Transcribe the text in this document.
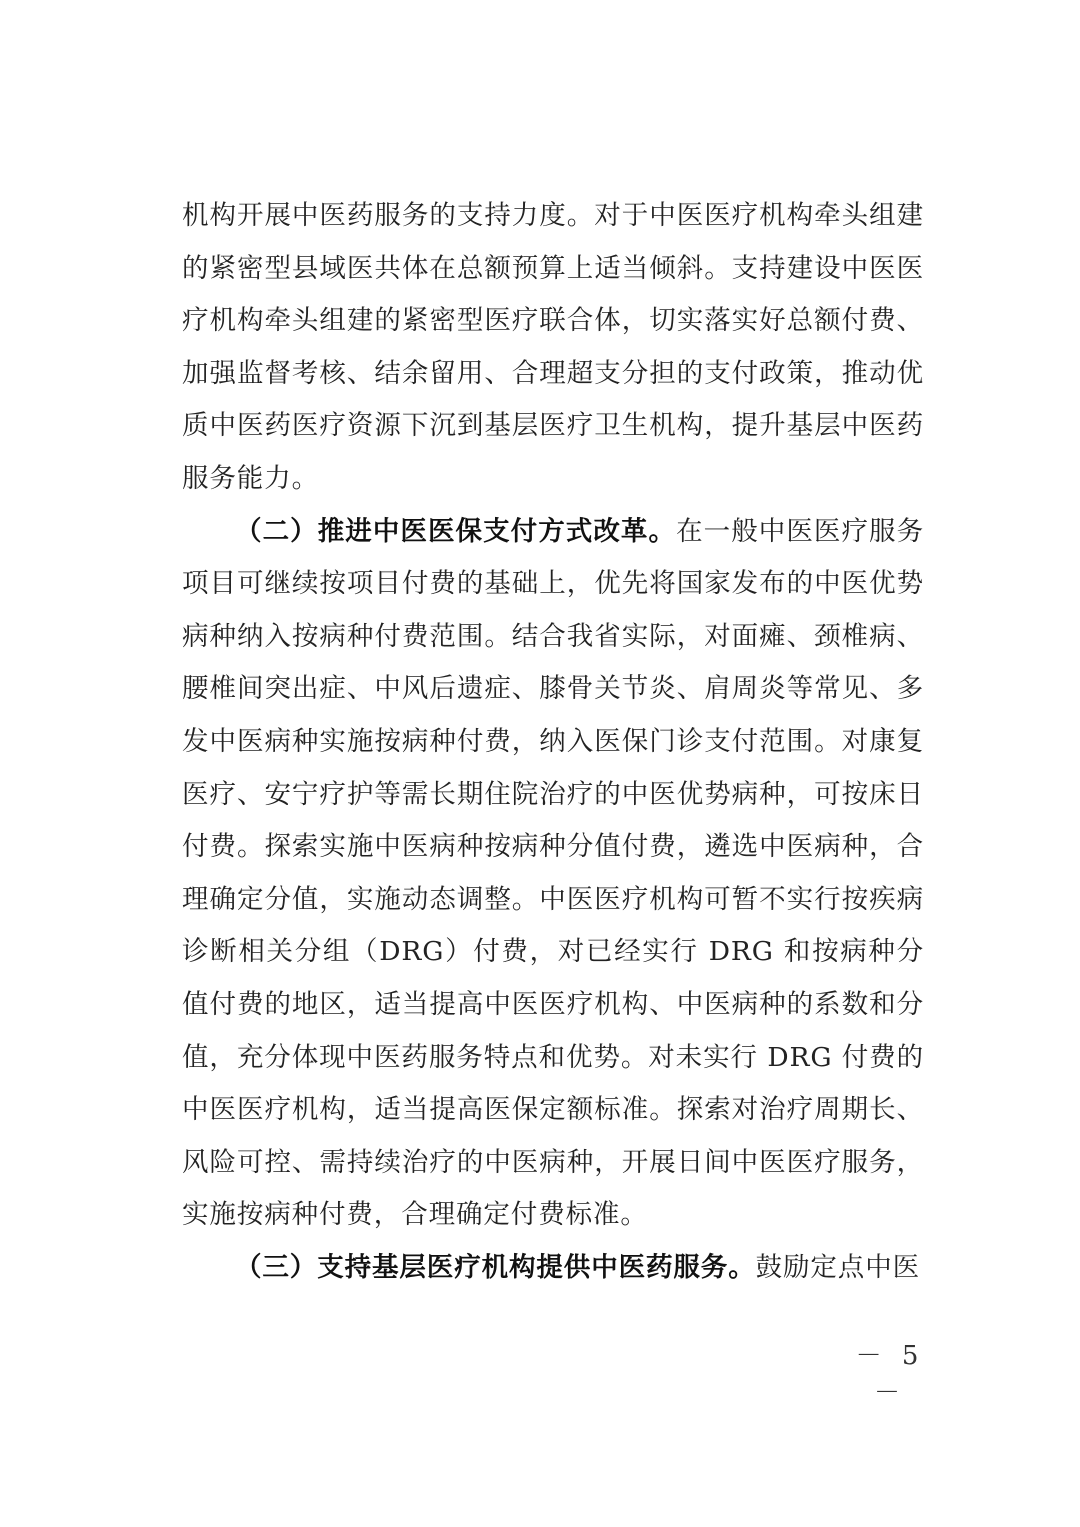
机构开展中医药服务的支持力度。对于中医医疗机构牵头组建的紧密型县域医共体在总额预算上适当倾斜。支持建设中医医疗机构牵头组建的紧密型医疗联合体，切实落实好总额付费、加强监督考核、结余留用、合理超支分担的支付政策，推动优质中医药医疗资源下沉到基层医疗卫生机构，提升基层中医药服务能力。

（二）推进中医医保支付方式改革。在一般中医医疗服务项目可继续按项目付费的基础上，优先将国家发布的中医优势病种纳入按病种付费范围。结合我省实际，对面瘫、颈椎病、腰椎间突出症、中风后遗症、膝骨关节炎、肩周炎等常见、多发中医病种实施按病种付费，纳入医保门诊支付范围。对康复医疗、安宁疗护等需长期住院治疗的中医优势病种，可按床日付费。探索实施中医病种按病种分值付费，遴选中医病种，合理确定分值，实施动态调整。中医医疗机构可暂不实行按疾病诊断相关分组（DRG）付费，对已经实行 DRG 和按病种分值付费的地区，适当提高中医医疗机构、中医病种的系数和分值，充分体现中医药服务特点和优势。对未实行 DRG 付费的中医医疗机构，适当提高医保定额标准。探索对治疗周期长、风险可控、需持续治疗的中医病种，开展日间中医医疗服务，实施按病种付费，合理确定付费标准。

（三）支持基层医疗机构提供中医药服务。鼓励定点中医

－ 5 －
